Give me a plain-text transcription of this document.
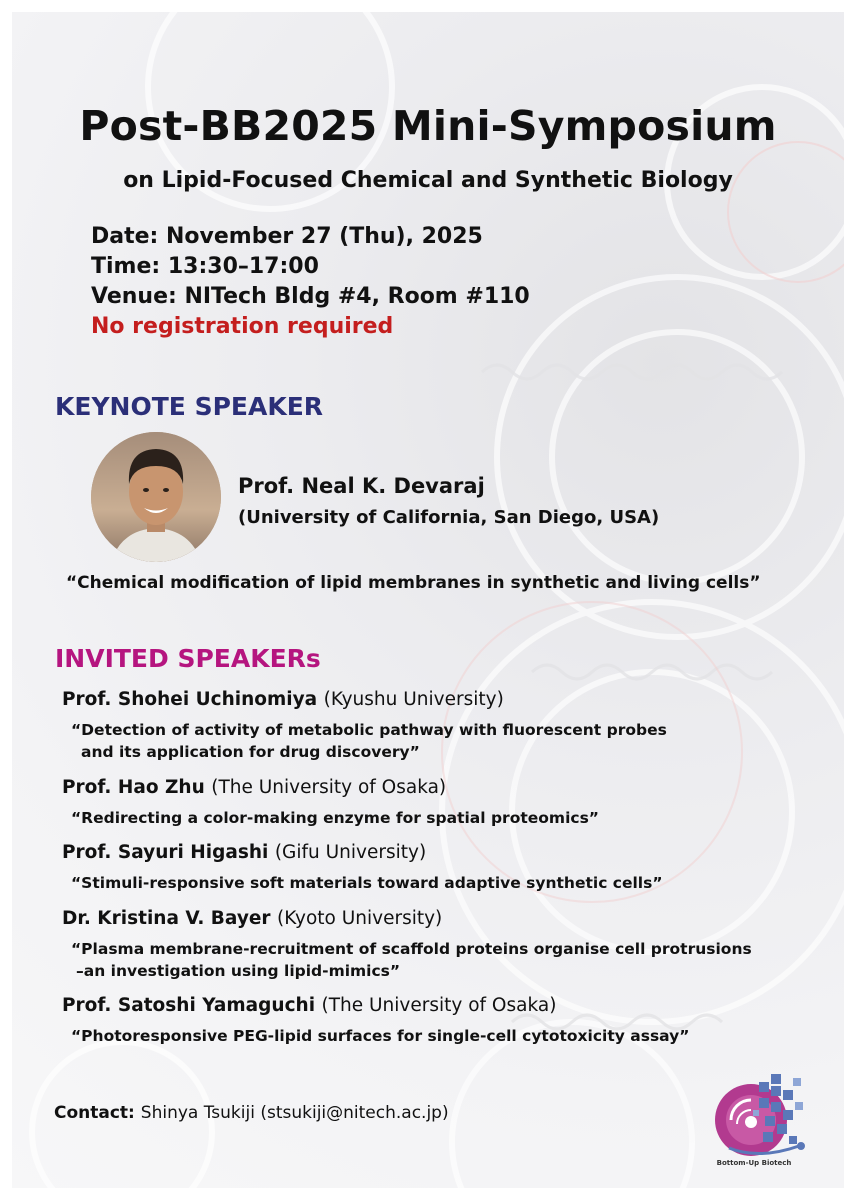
Post-BB2025 Mini-Symposium
on Lipid-Focused Chemical and Synthetic Biology
Date: November 27 (Thu), 2025
Time: 13:30–17:00
Venue: NITech Bldg #4, Room #110
No registration required
KEYNOTE SPEAKER
Prof. Neal K. Devaraj
(University of California, San Diego, USA)
“Chemical modification of lipid membranes in synthetic and living cells”
INVITED SPEAKERs
Prof. Shohei Uchinomiya (Kyushu University)
“Detection of activity of metabolic pathway with fluorescent probes
and its application for drug discovery”
Prof. Hao Zhu (The University of Osaka)
“Redirecting a color-making enzyme for spatial proteomics”
Prof. Sayuri Higashi (Gifu University)
“Stimuli-responsive soft materials toward adaptive synthetic cells”
Dr. Kristina V. Bayer (Kyoto University)
“Plasma membrane-recruitment of scaffold proteins organise cell protrusions
–an investigation using lipid-mimics”
Prof. Satoshi Yamaguchi (The University of Osaka)
“Photoresponsive PEG-lipid surfaces for single-cell cytotoxicity assay”
Contact: Shinya Tsukiji (stsukiji@nitech.ac.jp)
Bottom-Up Biotech
